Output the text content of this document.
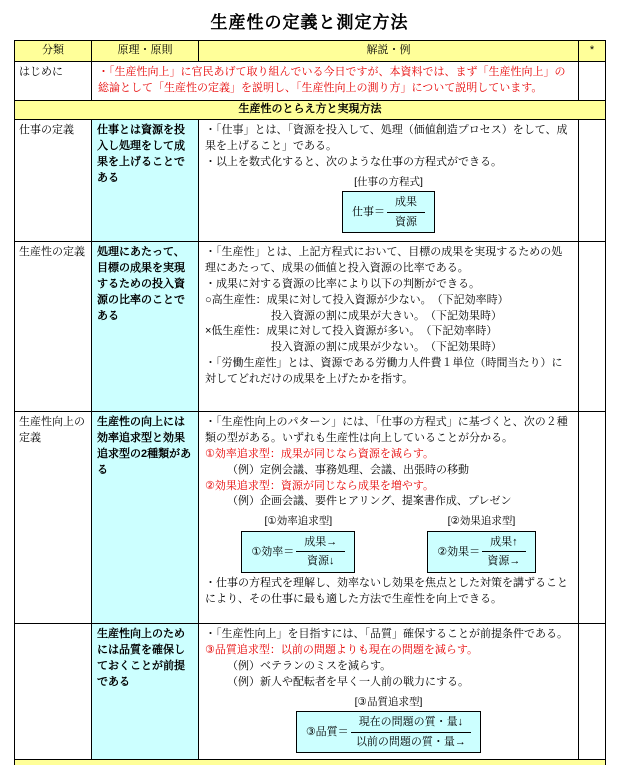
生産性の定義と測定方法
分類	原理・原則	解説・例	*
はじめに	・「生産性向上」に官民あげて取り組んでいる今日ですが、本資料では、まず「生産性向上」の総論として「生産性の定義」を説明し、「生産性向上の測り方」について説明しています。		
生産性のとらえ方と実現方法			
仕事の定義	仕事とは資源を投入し処理をして成果を上げることである	
・「仕事」とは、「資源を投入して、処理（価値創造プロセス）をして、成果を上げること」である。
・以上を数式化すると、次のような仕事の方程式ができる。
[仕事の方程式]
仕事＝ $\frac{\text{成果}}{\text{資源}}$

生産性の定義	処理にあたって、目標の成果を実現するための投入資源の比率のことである	
・「生産性」とは、上記方程式において、目標の成果を実現するための処理にあたって、成果の価値と投入資源の比率である。
・成果に対する資源の比率により以下の判断ができる。
○高生産性：成果に対して投入資源が少ない。　（下記効率時）
投入資源の割に成果が大きい。　（下記効果時）
×低生産性：成果に対して投入資源が多い。　（下記効率時）
投入資源の割に成果が少ない。　（下記効果時）
・「労働生産性」とは、資源である労働力人件費１単位（時間当たり）に対してどれだけの成果を上げたかを指す。

生産性向上の定義	生産性の向上には効率追求型と効果追求型の2種類がある	
・「生産性向上のパターン」には、「仕事の方程式」に基づくと、次の２種類の型がある。いずれも生産性は向上していることが分かる。
①効率追求型：成果が同じなら資源を減らす。
（例）定例会議、事務処理、会議、出張時の移動
②効果追求型：資源が同じなら成果を増やす。
（例）企画会議、要件ヒアリング、提案書作成、プレゼン
[①効率追求型]
①効率＝ $\frac{\text{成果→}}{\text{資源↓}}$
[②効果追求型]
②効果＝ $\frac{\text{成果↑}}{\text{資源→}}$
・仕事の方程式を理解し、効率ないし効果を焦点とした対策を講ずることにより、その仕事に最も適した方法で生産性を向上できる。

	生産性向上のためには品質を確保しておくことが前提である	
・「生産性向上」を目指すには、「品質」確保することが前提条件である。
③品質追求型：以前の問題よりも現在の問題を減らす。
（例）ベテランのミスを減らす。
（例）新人や配転者を早く一人前の戦力にする。
[③品質追求型]
③品質＝ $\frac{\text{現在の問題の質・量↓}}{\text{以前の問題の質・量→}}$
